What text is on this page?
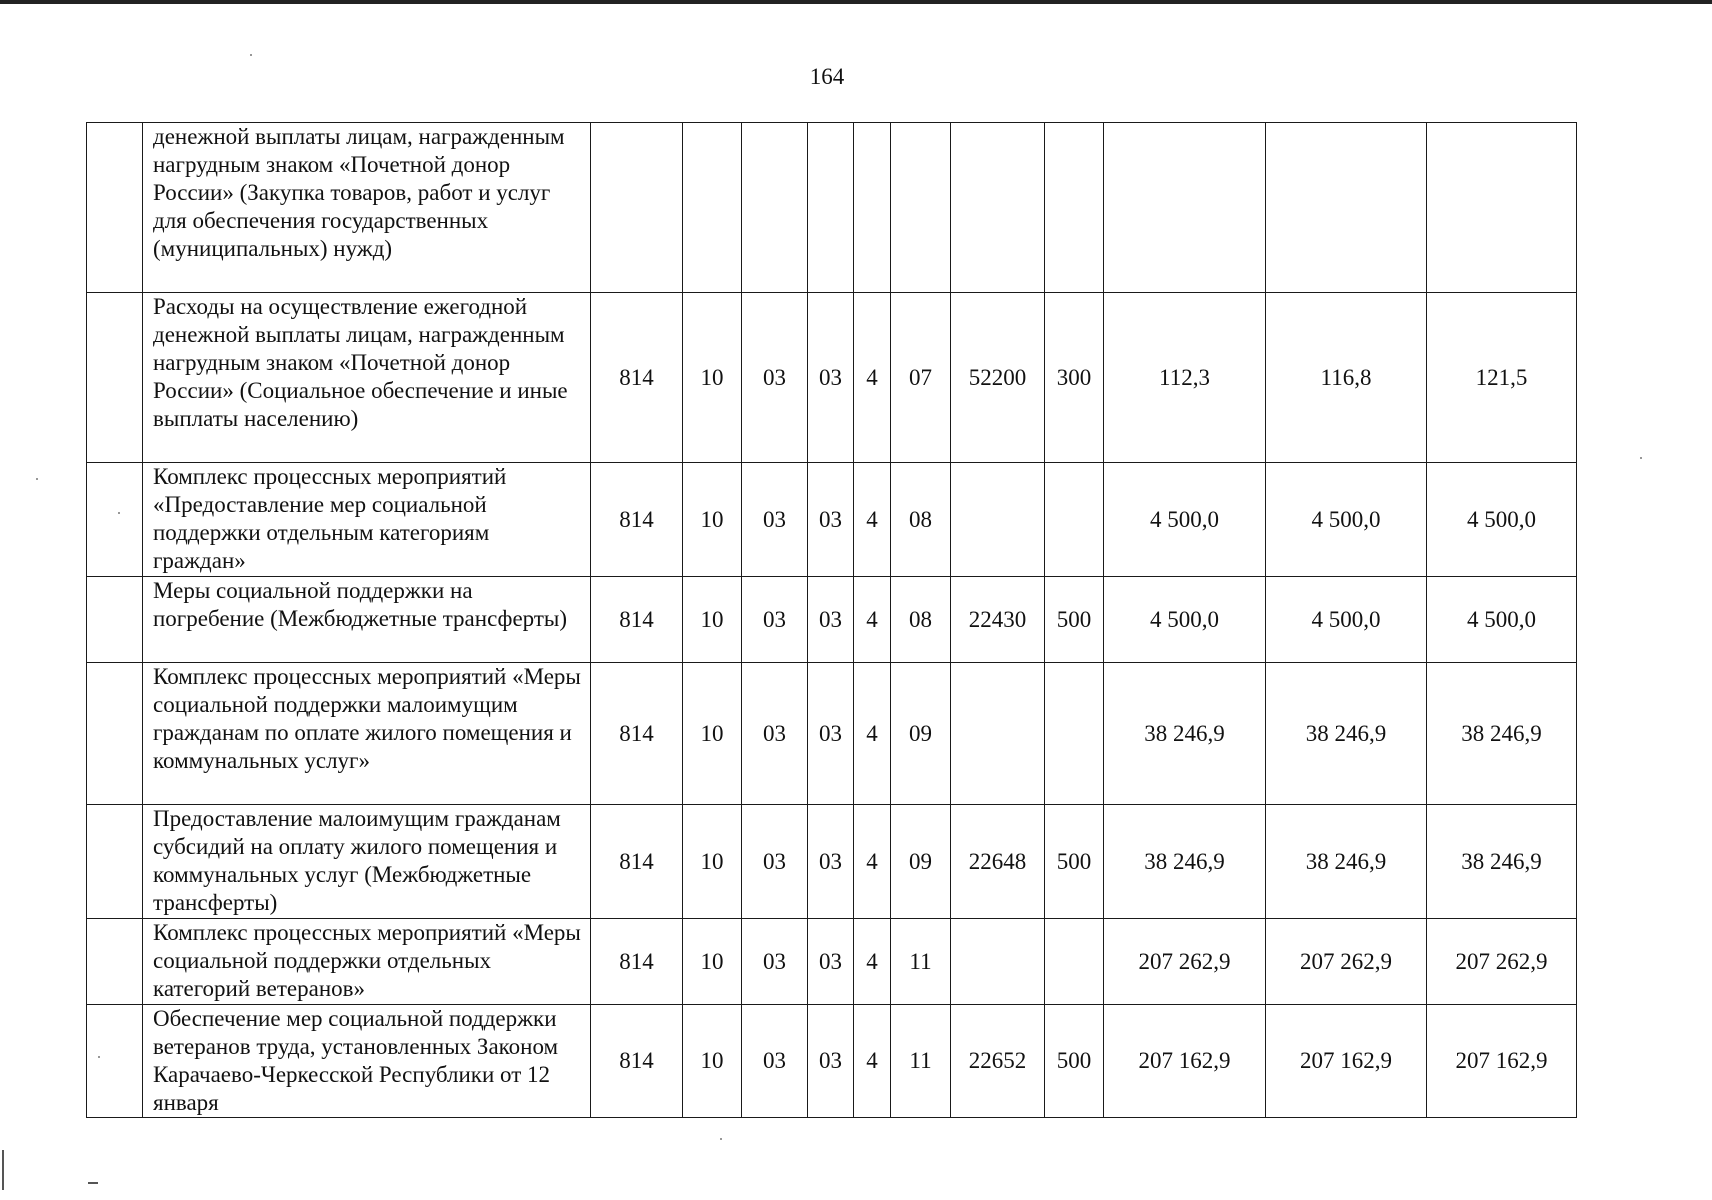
164
	денежной выплаты лицам, награжденным нагрудным знаком «Почетной донор России» (Закупка товаров, работ и услуг для обеспечения государственных (муниципальных) нужд)											
	Расходы на осуществление ежегодной денежной выплаты лицам, награжденным нагрудным знаком «Почетной донор России» (Социальное обеспечение и иные выплаты населению)	814	10	03	03	4	07	52200	300	112,3	116,8	121,5
	Комплекс процессных мероприятий «Предоставление мер социальной поддержки отдельным категориям граждан»	814	10	03	03	4	08			4 500,0	4 500,0	4 500,0
	Меры социальной поддержки на погребение (Межбюджетные трансферты)	814	10	03	03	4	08	22430	500	4 500,0	4 500,0	4 500,0
	Комплекс процессных мероприятий «Меры социальной поддержки малоимущим гражданам по оплате жилого помещения и коммунальных услуг»	814	10	03	03	4	09			38 246,9	38 246,9	38 246,9
	Предоставление малоимущим гражданам субсидий на оплату жилого помещения и коммунальных услуг (Межбюджетные трансферты)	814	10	03	03	4	09	22648	500	38 246,9	38 246,9	38 246,9
	Комплекс процессных мероприятий «Меры социальной поддержки отдельных категорий ветеранов»	814	10	03	03	4	11			207 262,9	207 262,9	207 262,9
	Обеспечение мер социальной поддержки ветеранов труда, установленных Законом Карачаево-Черкесской Республики от 12 января	814	10	03	03	4	11	22652	500	207 162,9	207 162,9	207 162,9
